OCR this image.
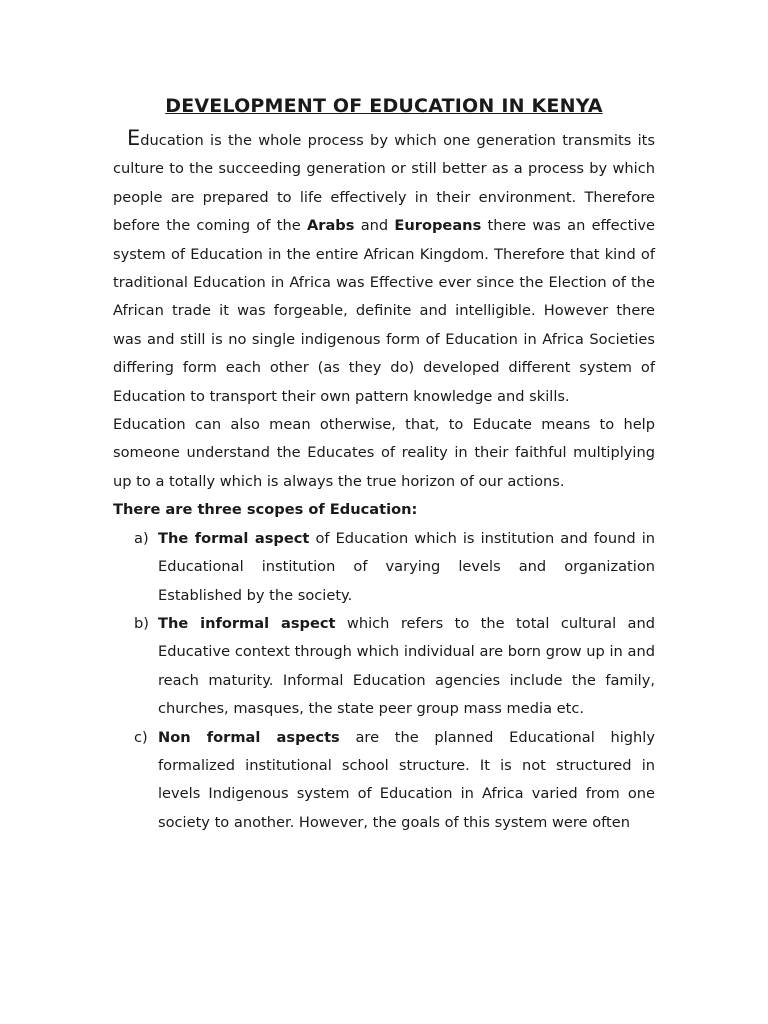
DEVELOPMENT OF EDUCATION IN KENYA

Education is the whole process by which one generation transmits its culture to the succeeding generation or still better as a process by which people are prepared to life effectively in their environment. Therefore before the coming of the Arabs and Europeans there was an effective system of Education in the entire African Kingdom. Therefore that kind of traditional Education in Africa was Effective ever since the Election of the African trade it was forgeable, definite and intelligible. However there was and still is no single indigenous form of Education in Africa Societies differing form each other (as they do) developed different system of Education to transport their own pattern knowledge and skills.

Education can also mean otherwise, that, to Educate means to help someone understand the Educates of reality in their faithful multiplying up to a totally which is always the true horizon of our actions.

There are three scopes of Education:

a) The formal aspect of Education which is institution and found in Educational institution of varying levels and organization Established by the society.
b) The informal aspect which refers to the total cultural and Educative context through which individual are born grow up in and reach maturity. Informal Education agencies include the family, churches, masques, the state peer group mass media etc.
c) Non formal aspects are the planned Educational highly formalized institutional school structure. It is not structured in levels Indigenous system of Education in Africa varied from one society to another. However, the goals of this system were often
